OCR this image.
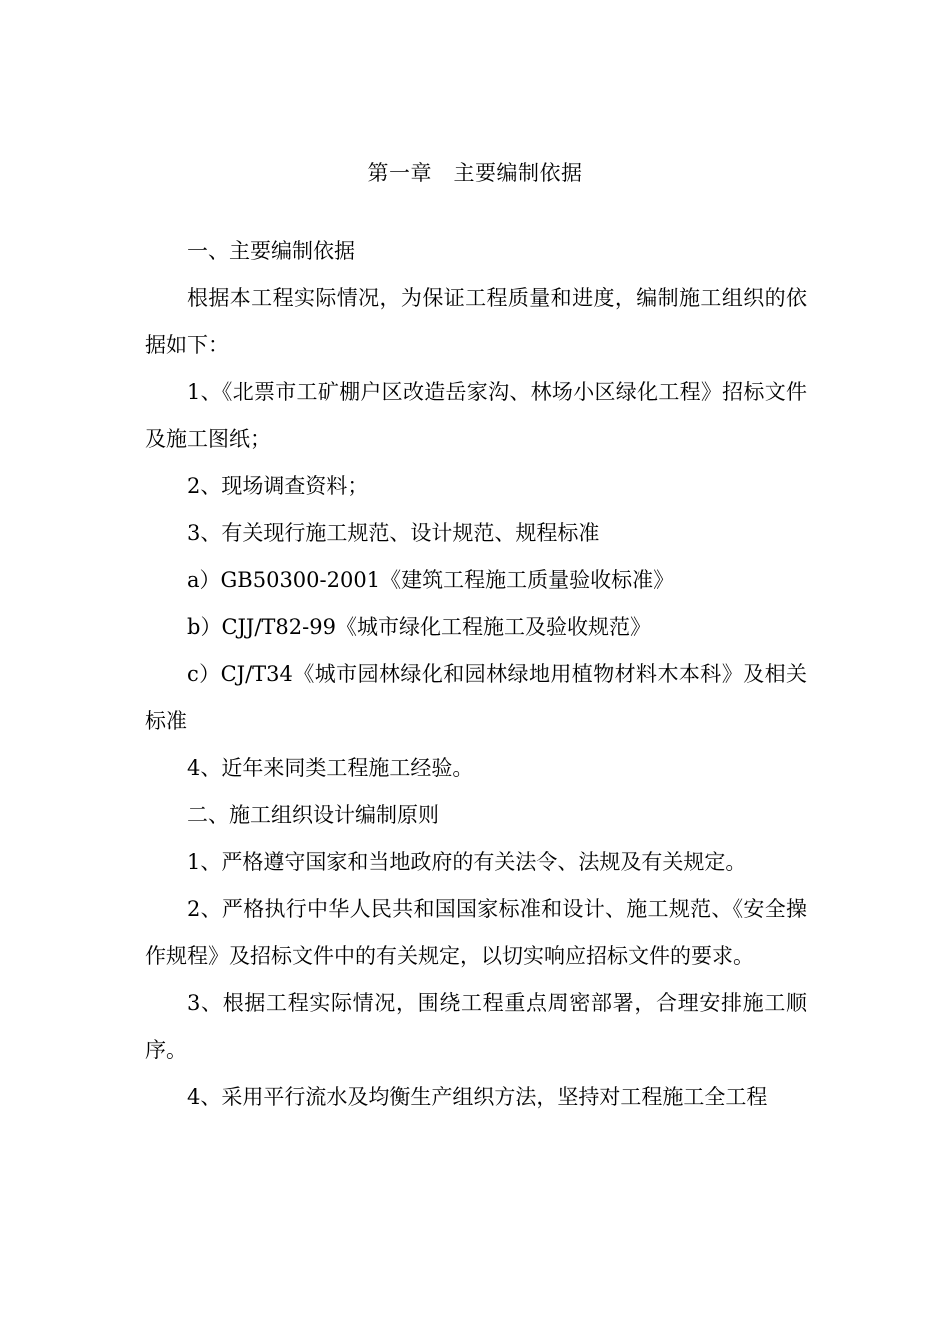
第一章　主要编制依据

一、主要编制依据

根据本工程实际情况，为保证工程质量和进度，编制施工组织的依据如下：

1、《北票市工矿棚户区改造岳家沟、林场小区绿化工程》招标文件及施工图纸；

2、现场调查资料；

3、有关现行施工规范、设计规范、规程标准

a）GB50300-2001《建筑工程施工质量验收标准》

b）CJJ/T82-99《城市绿化工程施工及验收规范》

c）CJ/T34《城市园林绿化和园林绿地用植物材料木本科》及相关标准

4、近年来同类工程施工经验。

二、施工组织设计编制原则

1、严格遵守国家和当地政府的有关法令、法规及有关规定。

2、严格执行中华人民共和国国家标准和设计、施工规范、《安全操作规程》及招标文件中的有关规定，以切实响应招标文件的要求。

3、根据工程实际情况，围绕工程重点周密部署，合理安排施工顺序。

4、采用平行流水及均衡生产组织方法，坚持对工程施工全工程
